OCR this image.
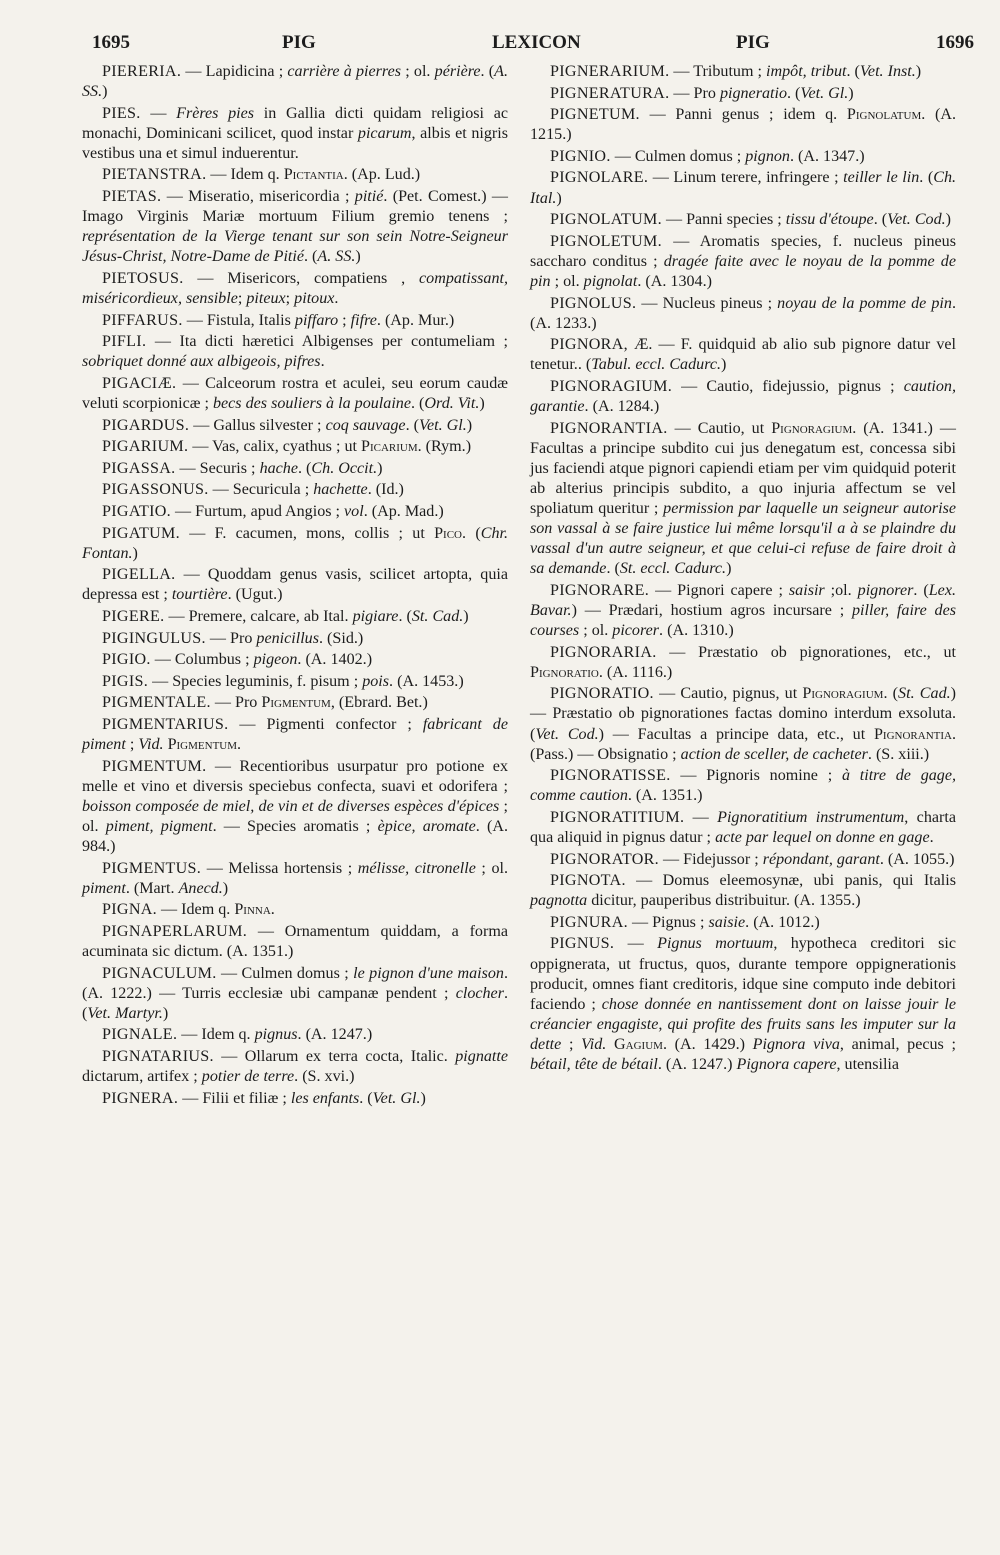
1695	PIG	LEXICON	PIG	1696

PIERERIA. — Lapidicina ; carrière à pierres ; ol. périère. (A. SS.)

PIES. — Frères pies in Gallia dicti quidam religiosi ac monachi, Dominicani scilicet, quod instar picarum, albis et nigris vestibus una et simul induerentur.

PIETANSTRA. — Idem q. Pictantia. (Ap. Lud.)

PIETAS. — Miseratio, misericordia ; pitié. (Pet. Comest.) — Imago Virginis Mariæ mortuum Filium gremio tenens ; représentation de la Vierge tenant sur son sein Notre-Seigneur Jésus-Christ, Notre-Dame de Pitié. (A. SS.)

PIETOSUS. — Misericors, compatiens , compatissant, miséricordieux, sensible; piteux; pitoux.

PIFFARUS. — Fistula, Italis piffaro ; fifre. (Ap. Mur.)

PIFLI. — Ita dicti hæretici Albigenses per contumeliam ; sobriquet donné aux albigeois, pifres.

PIGACIÆ. — Calceorum rostra et aculei, seu eorum caudæ veluti scorpionicæ ; becs des souliers à la poulaine. (Ord. Vit.)

PIGARDUS. — Gallus silvester ; coq sauvage. (Vet. Gl.)

PIGARIUM. — Vas, calix, cyathus ; ut Picarium. (Rym.)

PIGASSA. — Securis ; hache. (Ch. Occit.)

PIGASSONUS. — Securicula ; hachette. (Id.)

PIGATIO. — Furtum, apud Angios ; vol. (Ap. Mad.)

PIGATUM. — F. cacumen, mons, collis ; ut Pico. (Chr. Fontan.)

PIGELLA. — Quoddam genus vasis, scilicet artopta, quia depressa est ; tourtière. (Ugut.)

PIGERE. — Premere, calcare, ab Ital. pigiare. (St. Cad.)

PIGINGULUS. — Pro penicillus. (Sid.)

PIGIO. — Columbus ; pigeon. (A. 1402.)

PIGIS. — Species leguminis, f. pisum ; pois. (A. 1453.)

PIGMENTALE. — Pro Pigmentum, (Ebrard. Bet.)

PIGMENTARIUS. — Pigmenti confector ; fabricant de piment ; Vid. Pigmentum.

PIGMENTUM. — Recentioribus usurpatur pro potione ex melle et vino et diversis speciebus confecta, suavi et odorifera ; boisson composée de miel, de vin et de diverses espèces d'épices ; ol. piment, pigment. — Species aromatis ; èpice, aromate. (A. 984.)

PIGMENTUS. — Melissa hortensis ; mélisse, citronelle ; ol. piment. (Mart. Anecd.)

PIGNA. — Idem q. Pinna.

PIGNAPERLARUM. — Ornamentum quiddam, a forma acuminata sic dictum. (A. 1351.)

PIGNACULUM. — Culmen domus ; le pignon d'une maison. (A. 1222.) — Turris ecclesiæ ubi campanæ pendent ; clocher. (Vet. Martyr.)

PIGNALE. — Idem q. pignus. (A. 1247.)

PIGNATARIUS. — Ollarum ex terra cocta, Italic. pignatte dictarum, artifex ; potier de terre. (S. xvi.)

PIGNERA. — Filii et filiæ ; les enfants. (Vet. Gl.)

PIGNERARIUM. — Tributum ; impôt, tribut. (Vet. Inst.)

PIGNERATURA. — Pro pigneratio. (Vet. Gl.)

PIGNETUM. — Panni genus ; idem q. Pignolatum. (A. 1215.)

PIGNIO. — Culmen domus ; pignon. (A. 1347.)

PIGNOLARE. — Linum terere, infringere ; teiller le lin. (Ch. Ital.)

PIGNOLATUM. — Panni species ; tissu d'étoupe. (Vet. Cod.)

PIGNOLETUM. — Aromatis species, f. nucleus pineus saccharo conditus ; dragée faite avec le noyau de la pomme de pin ; ol. pignolat. (A. 1304.)

PIGNOLUS. — Nucleus pineus ; noyau de la pomme de pin. (A. 1233.)

PIGNORA, Æ. — F. quidquid ab alio sub pignore datur vel tenetur.. (Tabul. eccl. Cadurc.)

PIGNORAGIUM. — Cautio, fidejussio, pignus ; caution, garantie. (A. 1284.)

PIGNORANTIA. — Cautio, ut Pignoragium. (A. 1341.) — Facultas a principe subdito cui jus denegatum est, concessa sibi jus faciendi atque pignori capiendi etiam per vim quidquid poterit ab alterius principis subdito, a quo injuria affectum se vel spoliatum queritur ; permission par laquelle un seigneur autorise son vassal à se faire justice lui même lorsqu'il a à se plaindre du vassal d'un autre seigneur, et que celui-ci refuse de faire droit à sa demande. (St. eccl. Cadurc.)

PIGNORARE. — Pignori capere ; saisir ;ol. pignorer. (Lex. Bavar.) — Prædari, hostium agros incursare ; piller, faire des courses ; ol. picorer. (A. 1310.)

PIGNORARIA. — Præstatio ob pignorationes, etc., ut Pignoratio. (A. 1116.)

PIGNORATIO. — Cautio, pignus, ut Pignoragium. (St. Cad.) — Præstatio ob pignorationes factas domino interdum exsoluta. (Vet. Cod.) — Facultas a principe data, etc., ut Pignorantia. (Pass.) — Obsignatio ; action de sceller, de cacheter. (S. xiii.)

PIGNORATISSE. — Pignoris nomine ; à titre de gage, comme caution. (A. 1351.)

PIGNORATITIUM. — Pignoratitium instrumentum, charta qua aliquid in pignus datur ; acte par lequel on donne en gage.

PIGNORATOR. — Fidejussor ; répondant, garant. (A. 1055.)

PIGNOTA. — Domus eleemosynæ, ubi panis, qui Italis pagnotta dicitur, pauperibus distribuitur. (A. 1355.)

PIGNURA. — Pignus ; saisie. (A. 1012.)

PIGNUS. — Pignus mortuum, hypotheca creditori sic oppignerata, ut fructus, quos, durante tempore oppignerationis producit, omnes fiant creditoris, idque sine computo inde debitori faciendo ; chose donnée en nantissement dont on laisse jouir le créancier engagiste, qui profite des fruits sans les imputer sur la dette ; Vid. Gagium. (A. 1429.) Pignora viva, animal, pecus ; bétail, tête de bétail. (A. 1247.) Pignora capere, utensilia
